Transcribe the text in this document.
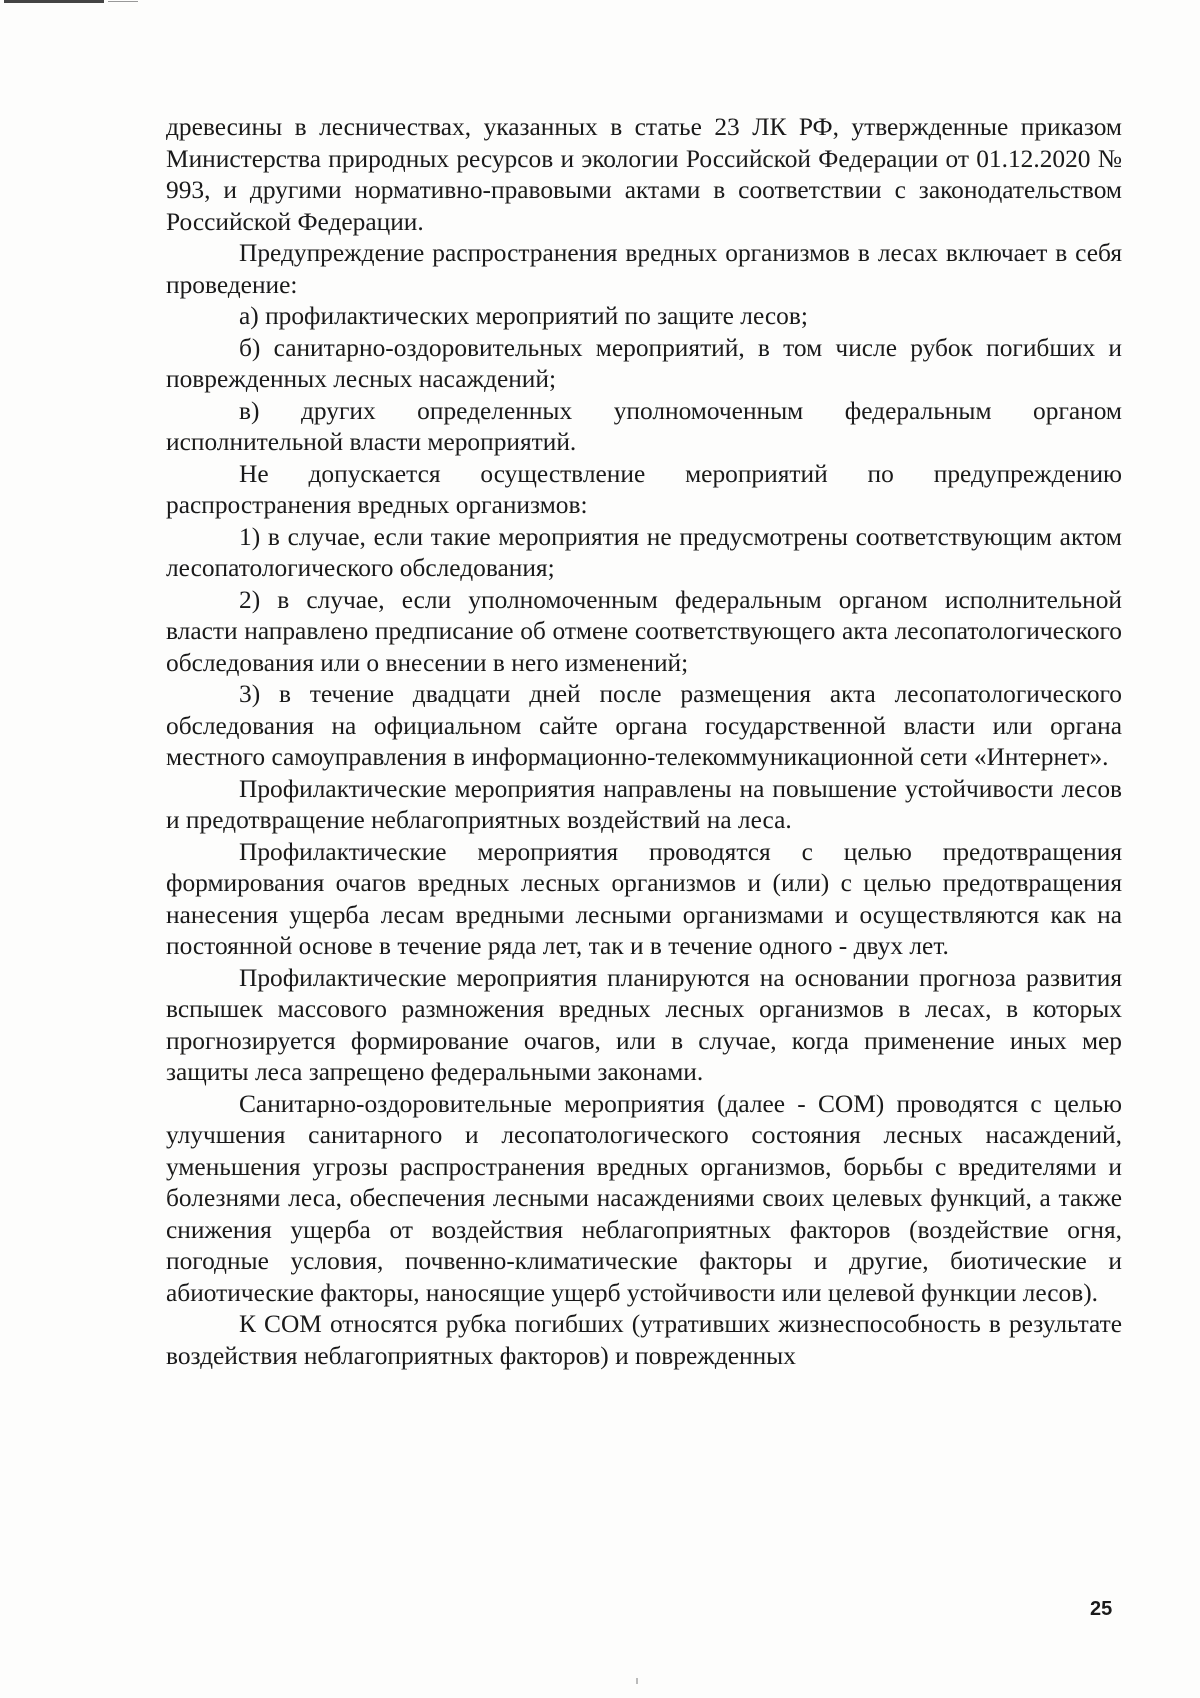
древесины в лесничествах, указанных в статье 23 ЛК РФ, утвержденные приказом Министерства природных ресурсов и экологии Российской Федерации от 01.12.2020 № 993, и другими нормативно-правовыми актами в соответствии с законодательством Российской Федерации.

Предупреждение распространения вредных организмов в лесах включает в себя проведение:

а) профилактических мероприятий по защите лесов;

б) санитарно-оздоровительных мероприятий, в том числе рубок погибших и поврежденных лесных насаждений;

в) других определенных уполномоченным федеральным органом исполнительной власти мероприятий.

Не допускается осуществление мероприятий по предупреждению распространения вредных организмов:

1) в случае, если такие мероприятия не предусмотрены соответствующим актом лесопатологического обследования;

2) в случае, если уполномоченным федеральным органом исполнительной власти направлено предписание об отмене соответствующего акта лесопатологического обследования или о внесении в него изменений;

3) в течение двадцати дней после размещения акта лесопатологического обследования на официальном сайте органа государственной власти или органа местного самоуправления в информационно-телекоммуникационной сети «Интернет».

Профилактические мероприятия направлены на повышение устойчивости лесов и предотвращение неблагоприятных воздействий на леса.

Профилактические мероприятия проводятся с целью предотвращения формирования очагов вредных лесных организмов и (или) с целью предотвращения нанесения ущерба лесам вредными лесными организмами и осуществляются как на постоянной основе в течение ряда лет, так и в течение одного - двух лет.

Профилактические мероприятия планируются на основании прогноза развития вспышек массового размножения вредных лесных организмов в лесах, в которых прогнозируется формирование очагов, или в случае, когда применение иных мер защиты леса запрещено федеральными законами.

Санитарно-оздоровительные мероприятия (далее - СОМ) проводятся с целью улучшения санитарного и лесопатологического состояния лесных насаждений, уменьшения угрозы распространения вредных организмов, борьбы с вредителями и болезнями леса, обеспечения лесными насаждениями своих целевых функций, а также снижения ущерба от воздействия неблагоприятных факторов (воздействие огня, погодные условия, почвенно-климатические факторы и другие, биотические и абиотические факторы, наносящие ущерб устойчивости или целевой функции лесов).

К СОМ относятся рубка погибших (утративших жизнеспособность в результате воздействия неблагоприятных факторов) и поврежденных

25
